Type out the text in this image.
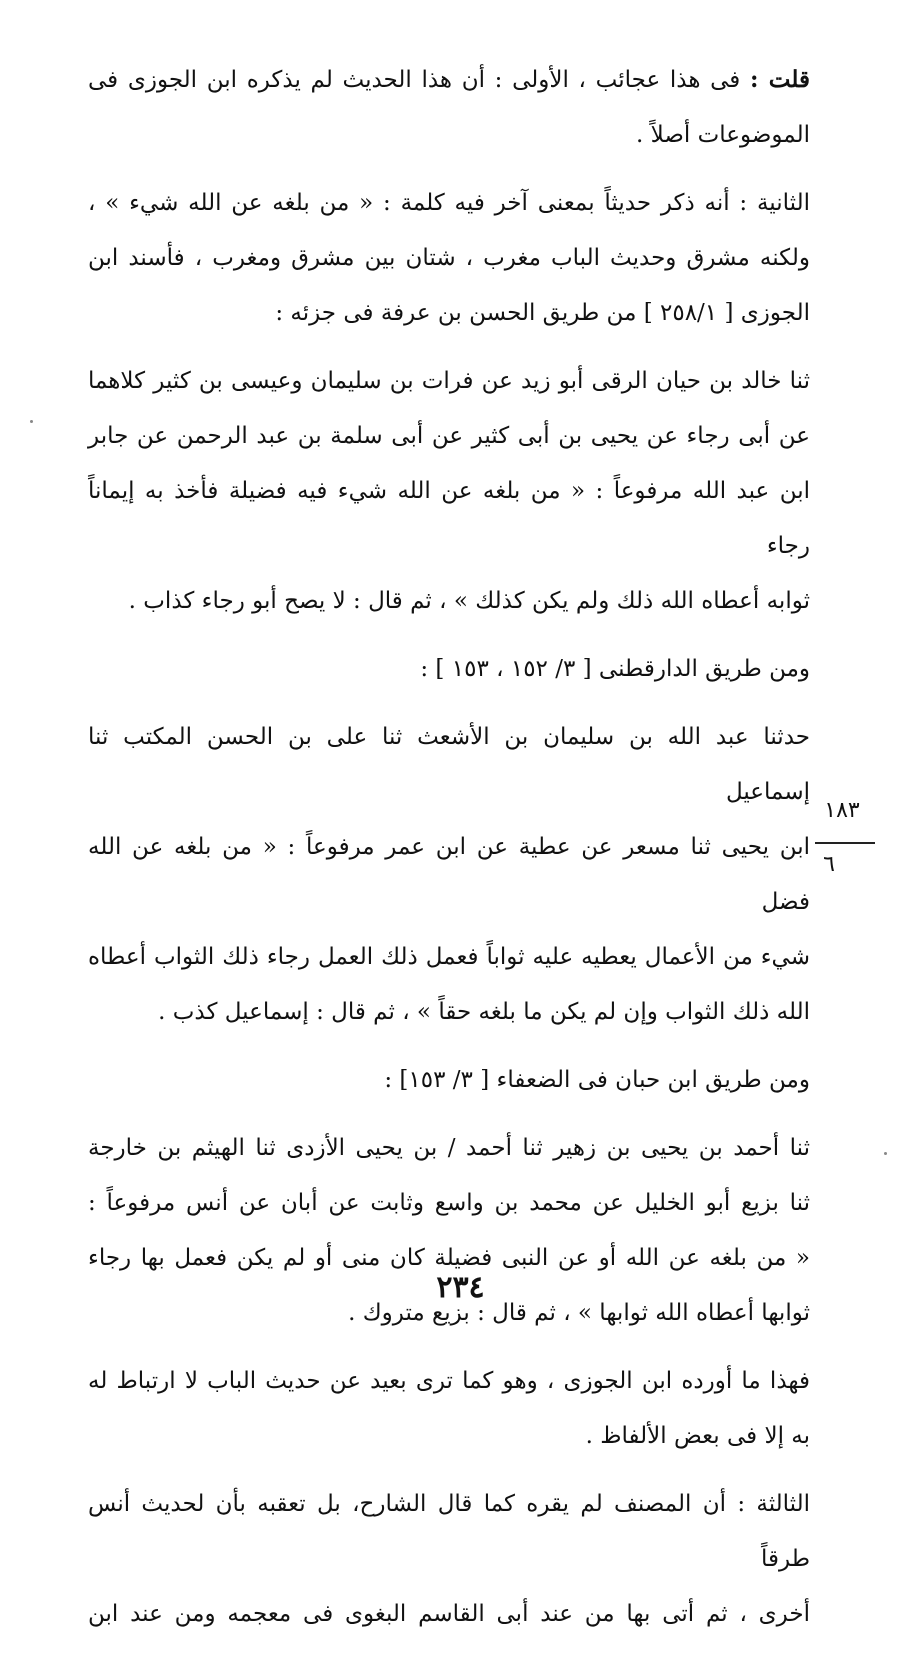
قلت : فى هذا عجائب ، الأولى : أن هذا الحديث لم يذكره ابن الجوزى فى
الموضوعات أصلاً .
الثانية : أنه ذكر حديثاً بمعنى آخر فيه كلمة : « من بلغه عن الله شيء » ،
ولكنه مشرق وحديث الباب مغرب ، شتان بين مشرق ومغرب ، فأسند ابن
الجوزى [ ٢٥٨/١ ] من طريق الحسن بن عرفة فى جزئه :
ثنا خالد بن حيان الرقى أبو زيد عن فرات بن سليمان وعيسى بن كثير كلاهما
عن أبى رجاء عن يحيى بن أبى كثير عن أبى سلمة بن عبد الرحمن عن جابر
ابن عبد الله مرفوعاً : « من بلغه عن الله شيء فيه فضيلة فأخذ به إيماناً رجاء
ثوابه أعطاه الله ذلك ولم يكن كذلك » ، ثم قال : لا يصح أبو رجاء كذاب .
ومن طريق الدارقطنى [ ٣/ ١٥٢ ، ١٥٣ ] :
حدثنا عبد الله بن سليمان بن الأشعث ثنا على بن الحسن المكتب ثنا إسماعيل
ابن يحيى ثنا مسعر عن عطية عن ابن عمر مرفوعاً : « من بلغه عن الله فضل
شيء من الأعمال يعطيه عليه ثواباً فعمل ذلك العمل رجاء ذلك الثواب أعطاه
الله ذلك الثواب وإن لم يكن ما بلغه حقاً » ، ثم قال : إسماعيل كذب .
ومن طريق ابن حبان فى الضعفاء [ ٣/ ١٥٣] :
ثنا أحمد بن يحيى بن زهير ثنا أحمد / بن يحيى الأزدى ثنا الهيثم بن خارجة
ثنا بزيع أبو الخليل عن محمد بن واسع وثابت عن أبان عن أنس مرفوعاً :
« من بلغه عن الله أو عن النبى فضيلة كان منى أو لم يكن فعمل بها رجاء
ثوابها أعطاه الله ثوابها » ، ثم قال : بزيع متروك .
فهذا ما أورده ابن الجوزى ، وهو كما ترى بعيد عن حديث الباب لا ارتباط له
به إلا فى بعض الألفاظ .
الثالثة : أن المصنف لم يقره كما قال الشارح، بل تعقبه بأن لحديث أنس طرقاً
أخرى ، ثم أتى بها من عند أبى القاسم البغوى فى معجمه ومن عند ابن
١٨٣
٦
٢٣٤
